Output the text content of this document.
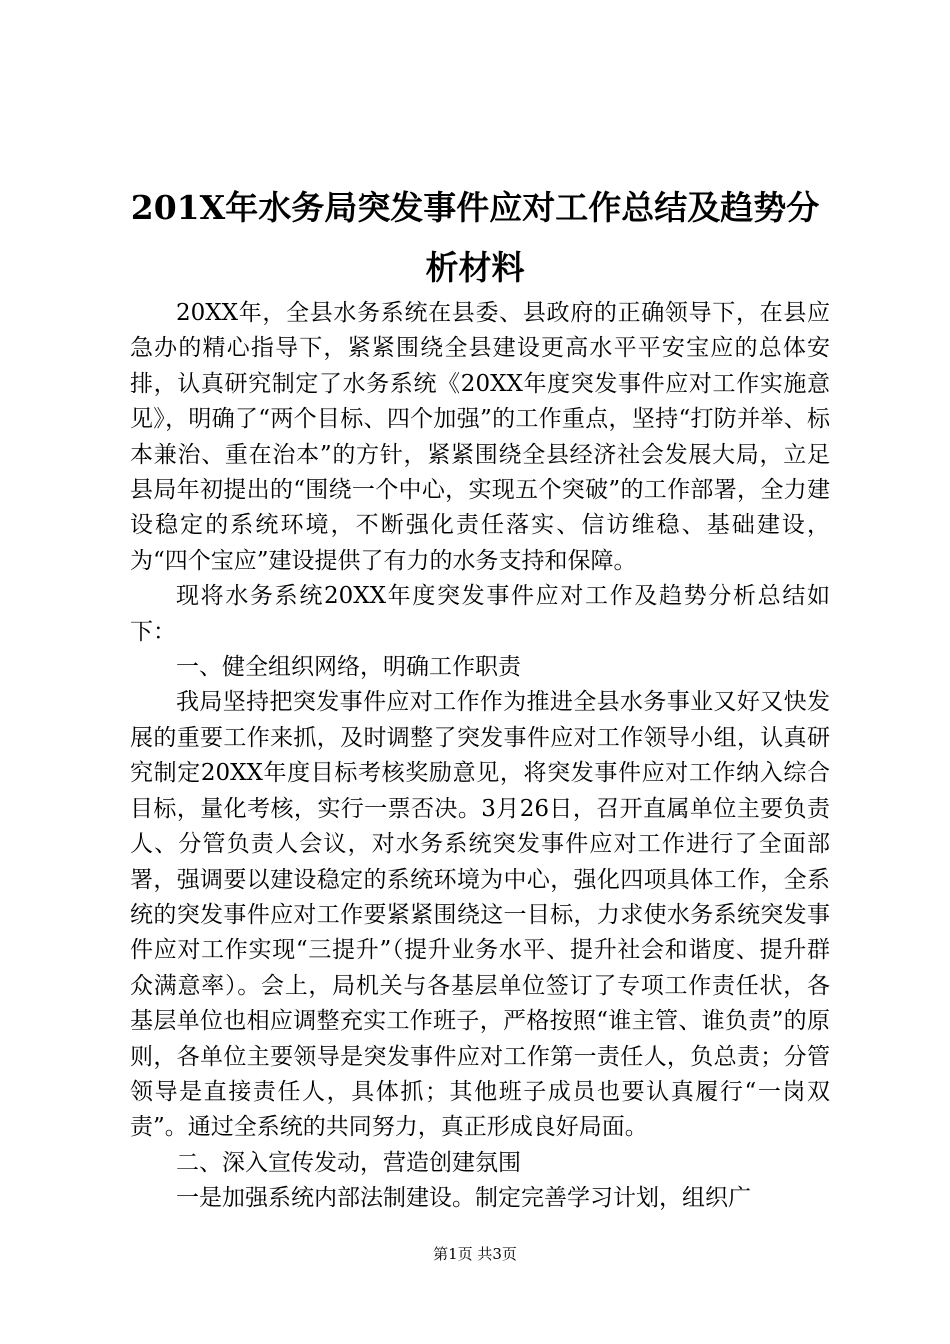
201X年水务局突发事件应对工作总结及趋势分析材料

20XX年，全县水务系统在县委、县政府的正确领导下，在县应急办的精心指导下，紧紧围绕全县建设更高水平平安宝应的总体安排，认真研究制定了水务系统《20XX年度突发事件应对工作实施意见》，明确了“两个目标、四个加强”的工作重点，坚持“打防并举、标本兼治、重在治本”的方针，紧紧围绕全县经济社会发展大局，立足县局年初提出的“围绕一个中心，实现五个突破”的工作部署，全力建设稳定的系统环境，不断强化责任落实、信访维稳、基础建设，为“四个宝应”建设提供了有力的水务支持和保障。

现将水务系统20XX年度突发事件应对工作及趋势分析总结如下：

一、健全组织网络，明确工作职责

我局坚持把突发事件应对工作作为推进全县水务事业又好又快发展的重要工作来抓，及时调整了突发事件应对工作领导小组，认真研究制定20XX年度目标考核奖励意见，将突发事件应对工作纳入综合目标，量化考核，实行一票否决。3月26日，召开直属单位主要负责人、分管负责人会议，对水务系统突发事件应对工作进行了全面部署，强调要以建设稳定的系统环境为中心，强化四项具体工作，全系统的突发事件应对工作要紧紧围绕这一目标，力求使水务系统突发事件应对工作实现“三提升”（提升业务水平、提升社会和谐度、提升群众满意率）。会上，局机关与各基层单位签订了专项工作责任状，各基层单位也相应调整充实工作班子，严格按照“谁主管、谁负责”的原则，各单位主要领导是突发事件应对工作第一责任人，负总责；分管领导是直接责任人，具体抓；其他班子成员也要认真履行“一岗双责”。通过全系统的共同努力，真正形成良好局面。

二、深入宣传发动，营造创建氛围

一是加强系统内部法制建设。制定完善学习计划，组织广

第1页 共3页
